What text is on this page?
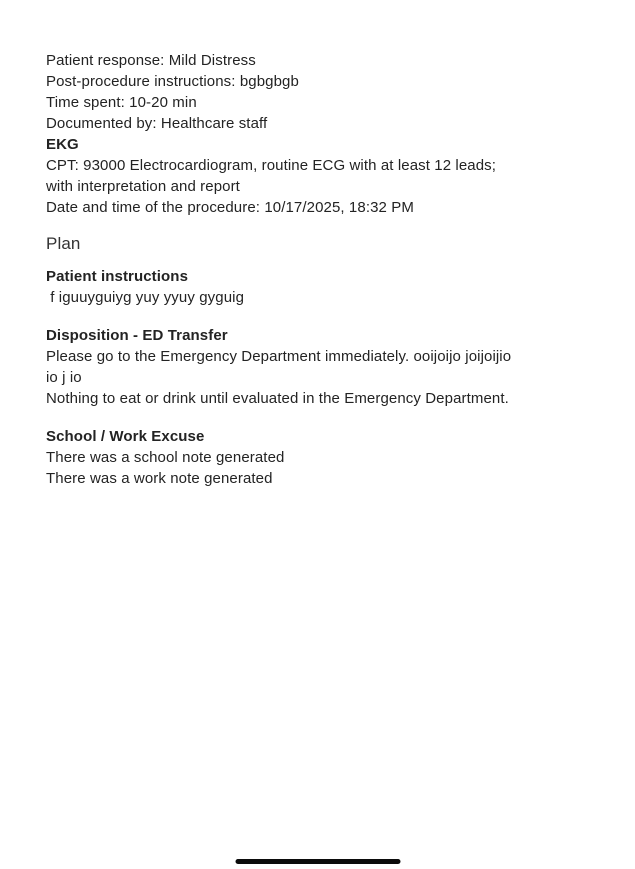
Patient response: Mild Distress
Post-procedure instructions: bgbgbgb
Time spent: 10-20 min
Documented by: Healthcare staff
EKG
CPT: 93000 Electrocardiogram, routine ECG with at least 12 leads;
with interpretation and report
Date and time of the procedure: 10/17/2025, 18:32 PM
Plan
Patient instructions
f iguuyguiyg yuy yyuy gyguig
Disposition - ED Transfer
Please go to the Emergency Department immediately. ooijoijo joijoijio
io j io
Nothing to eat or drink until evaluated in the Emergency Department.
School / Work Excuse
There was a school note generated
There was a work note generated
